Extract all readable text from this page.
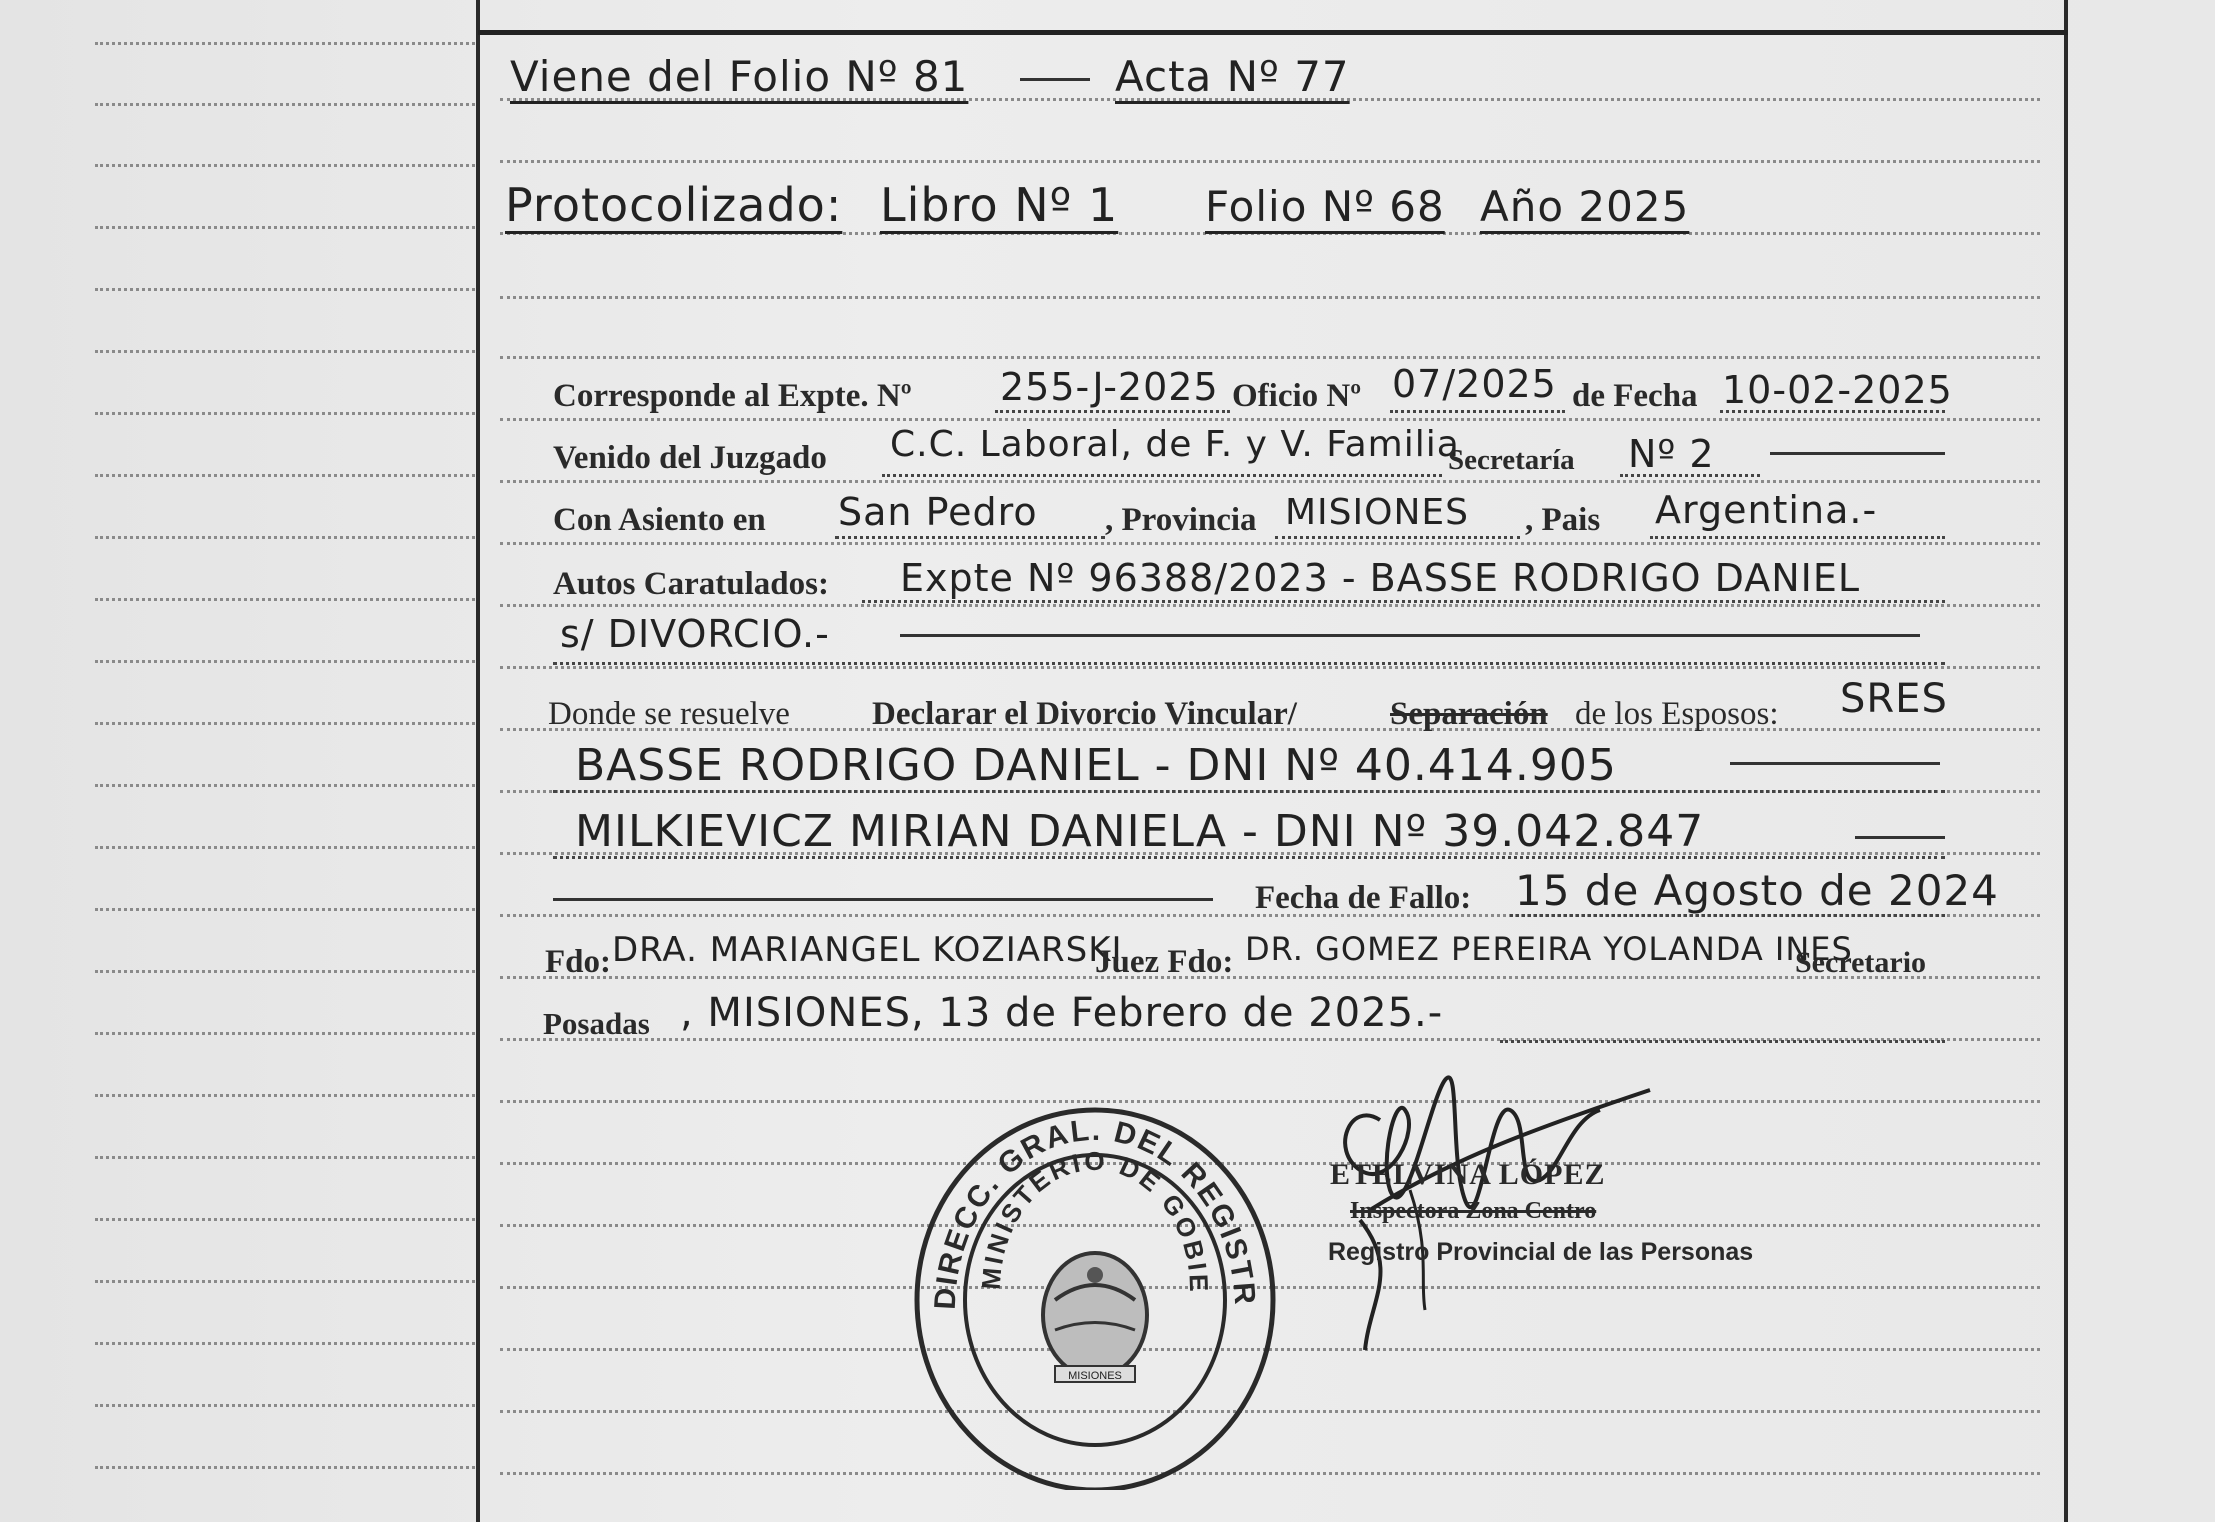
Viene del Folio Nº 81	Acta Nº 77
Protocolizado: Libro Nº 1 Folio Nº 68 Año 2025
Corresponde al Expte. Nº 255-J-2025 Oficio Nº 07/2025 de Fecha 10-02-2025
Venido del Juzgado C.C. Laboral, de F. y V. Familia
Secretaría Nº 2
Con Asiento en San Pedro , Provincia MISIONES , Pais Argentina.-
Autos Caratulados: Expte Nº 96388/2023 - BASSE RODRIGO DANIEL
s/ DIVORCIO.-
Donde se resuelve Declarar el Divorcio Vincular/	Separación de los Esposos: SRES
BASSE RODRIGO DANIEL - DNI Nº 40.414.905
MILKIEVICZ MIRIAN DANIELA - DNI Nº 39.042.847
Fecha de Fallo: 15 de Agosto de 2024
Fdo: DRA. MARIANGEL KOZIARSKI
Juez Fdo: DR. GOMEZ PEREIRA YOLANDA INES
Secretario
Posadas , MISIONES, 13 de Febrero de 2025.-
DIRECC. GRAL. DEL REGISTR
MINISTERIO DE GOBIE
MISIONES
ETELVINA LÓPEZ
Inspectora Zona Centro
Registro Provincial de las Personas
